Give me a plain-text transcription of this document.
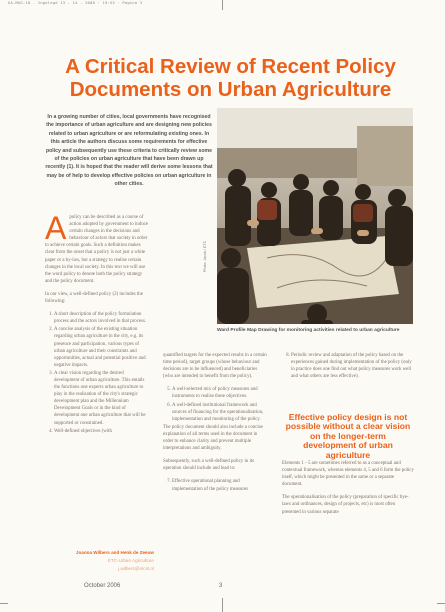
UA-MAG-18 - Ingelegd 13 - 14 - 2008 · 19:53 · Pagina 3
A Critical Review of Recent Policy Documents on Urban Agriculture
In a growing number of cities, local governments have recognised the importance of urban agriculture and are designing new policies related to urban agriculture or are reformulating existing ones. In this article the authors discuss some requirements for effective policy and subsequently use these criteria to critically review some of the policies on urban agriculture that have been drawn up recently (1). It is hoped that the reader will derive some lessons that may be of help to develop effective policies on urban agriculture in other cities.
Photo: Jacob / ETC
Ward Profile Map Drawing for monitoring activities related to urban agriculture

Apolicy can be described as a course of action adopted by government to induce certain changes in the decisions and behaviour of actors that society in order to achieve certain goals. Such a definition makes clear from the onset that a policy is not just a white paper or a by-law, but a strategy to realise certain changes in the local society. In this text we will use the word policy to denote both the policy strategy and the policy document.

In our view, a well-defined policy (2) includes the following:

1. A short description of the policy formulation process and the actors involved in that process.
2. A concise analysis of the existing situation regarding urban agriculture in the city, e.g. its presence and participation, various types of urban agriculture and their constraints and opportunities, actual and potential positive and negative impacts.
3. A clear vision regarding the desired development of urban agriculture. This entails the functions one expects urban agriculture to play in the realisation of the city's strategic development plan and the Millennium Development Goals or in the kind of development one urban agriculture that will be supported or constrained.
4. Well-defined objectives (with

quantified targets for the expected results in a certain time period), target groups (whose behaviour and decisions are to be influenced) and beneficiaries (who are intended to benefit from the policy).

5. A well-selected mix of policy measures and instruments to realise these objectives.
6. A well-defined institutional framework and sources of financing for the operationalisation, implementation and monitoring of the policy.

The policy document should also include a concise explanation of all terms used in the document in order to enhance clarity and prevent multiple interpretations and ambiguity.

Subsequently, such a well-defined policy in its operation should include and lead to:

7. Effective operational planning and implementation of the policy measures
8. Periodic review and adaptation of the policy based on the experiences gained during implementation of the policy (only in practice does one find out what policy measures work well and what others are less effective).
Effective policy design is not possible without a clear vision on the longer-term development of urban agriculture

Elements 1 - 5 are sometimes referred to as a conceptual and contextual framework, whereas elements 4, 5 and 6 form the policy itself, which might be presented in the same or a separate document.

The operationalisation of the policy (preparation of specific bye-laws and ordinances, design of projects, etc) is most often presented in various separate

Joanna Wilbers and Henk de Zeeuw
ETC-Urban Agriculture
j.wilbers@etcnl.nl
October 2006	3
